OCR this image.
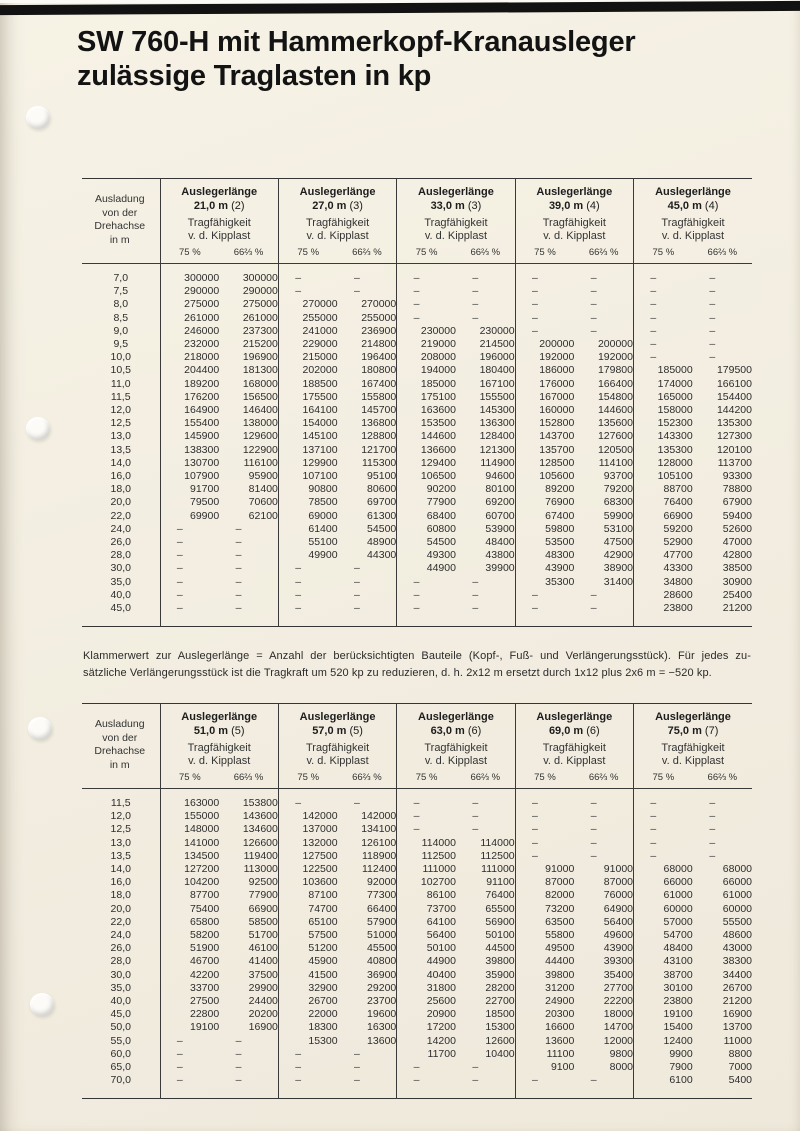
SW 760-H mit Hammerkopf-Kranausleger
zulässige Traglasten in kp
Ausladung
von der
Drehachse
in m

Auslegerlänge
21,0 m (2)
Tragfähigkeit
v. d. Kipplast

Auslegerlänge
27,0 m (3)
Tragfähigkeit
v. d. Kipplast

Auslegerlänge
33,0 m (3)
Tragfähigkeit
v. d. Kipplast

Auslegerlänge
39,0 m (4)
Tragfähigkeit
v. d. Kipplast

Auslegerlänge
45,0 m (4)
Tragfähigkeit
v. d. Kipplast

	75 %	66⅔ %	75 %	66⅔ %	75 %	66⅔ %	75 %	66⅔ %	75 %	66⅔ %
7,0	300000	300000	–	–	–	–	–	–	–	–
7,5	290000	290000	–	–	–	–	–	–	–	–
8,0	275000	275000	270000	270000	–	–	–	–	–	–
8,5	261000	261000	255000	255000	–	–	–	–	–	–
9,0	246000	237300	241000	236900	230000	230000	–	–	–	–
9,5	232000	215200	229000	214800	219000	214500	200000	200000	–	–
10,0	218000	196900	215000	196400	208000	196000	192000	192000	–	–
10,5	204400	181300	202000	180800	194000	180400	186000	179800	185000	179500
11,0	189200	168000	188500	167400	185000	167100	176000	166400	174000	166100
11,5	176200	156500	175500	155800	175100	155500	167000	154800	165000	154400
12,0	164900	146400	164100	145700	163600	145300	160000	144600	158000	144200
12,5	155400	138000	154000	136800	153500	136300	152800	135600	152300	135300
13,0	145900	129600	145100	128800	144600	128400	143700	127600	143300	127300
13,5	138300	122900	137100	121700	136600	121300	135700	120500	135300	120100
14,0	130700	116100	129900	115300	129400	114900	128500	114100	128000	113700
16,0	107900	95900	107100	95100	106500	94600	105600	93700	105100	93300
18,0	91700	81400	90800	80600	90200	80100	89200	79200	88700	78800
20,0	79500	70600	78500	69700	77900	69200	76900	68300	76400	67900
22,0	69900	62100	69000	61300	68400	60700	67400	59900	66900	59400
24,0	–	–	61400	54500	60800	53900	59800	53100	59200	52600
26,0	–	–	55100	48900	54500	48400	53500	47500	52900	47000
28,0	–	–	49900	44300	49300	43800	48300	42900	47700	42800
30,0	–	–	–	–	44900	39900	43900	38900	43300	38500
35,0	–	–	–	–	–	–	35300	31400	34800	30900
40,0	–	–	–	–	–	–	–	–	28600	25400
45,0	–	–	–	–	–	–	–	–	23800	21200
Klammerwert zur Auslegerlänge = Anzahl der berücksichtigten Bauteile (Kopf-, Fuß- und Verlängerungsstück). Für jedes zu-
sätzliche Verlängerungsstück ist die Tragkraft um 520 kp zu reduzieren, d. h. 2x12 m ersetzt durch 1x12 plus 2x6 m = −520 kp.
Ausladung
von der
Drehachse
in m

Auslegerlänge
51,0 m (5)
Tragfähigkeit
v. d. Kipplast

Auslegerlänge
57,0 m (5)
Tragfähigkeit
v. d. Kipplast

Auslegerlänge
63,0 m (6)
Tragfähigkeit
v. d. Kipplast

Auslegerlänge
69,0 m (6)
Tragfähigkeit
v. d. Kipplast

Auslegerlänge
75,0 m (7)
Tragfähigkeit
v. d. Kipplast

	75 %	66⅔ %	75 %	66⅔ %	75 %	66⅔ %	75 %	66⅔ %	75 %	66⅔ %
11,5	163000	153800	–	–	–	–	–	–	–	–
12,0	155000	143600	142000	142000	–	–	–	–	–	–
12,5	148000	134600	137000	134100	–	–	–	–	–	–
13,0	141000	126600	132000	126100	114000	114000	–	–	–	–
13,5	134500	119400	127500	118900	112500	112500	–	–	–	–
14,0	127200	113000	122500	112400	111000	111000	91000	91000	68000	68000
16,0	104200	92500	103600	92000	102700	91100	87000	87000	66000	66000
18,0	87700	77900	87100	77300	86100	76400	82000	76000	61000	61000
20,0	75400	66900	74700	66400	73700	65500	73200	64900	60000	60000
22,0	65800	58500	65100	57900	64100	56900	63500	56400	57000	55500
24,0	58200	51700	57500	51000	56400	50100	55800	49600	54700	48600
26,0	51900	46100	51200	45500	50100	44500	49500	43900	48400	43000
28,0	46700	41400	45900	40800	44900	39800	44400	39300	43100	38300
30,0	42200	37500	41500	36900	40400	35900	39800	35400	38700	34400
35,0	33700	29900	32900	29200	31800	28200	31200	27700	30100	26700
40,0	27500	24400	26700	23700	25600	22700	24900	22200	23800	21200
45,0	22800	20200	22000	19600	20900	18500	20300	18000	19100	16900
50,0	19100	16900	18300	16300	17200	15300	16600	14700	15400	13700
55,0	–	–	15300	13600	14200	12600	13600	12000	12400	11000
60,0	–	–	–	–	11700	10400	11100	9800	9900	8800
65,0	–	–	–	–	–	–	9100	8000	7900	7000
70,0	–	–	–	–	–	–	–	–	6100	5400
